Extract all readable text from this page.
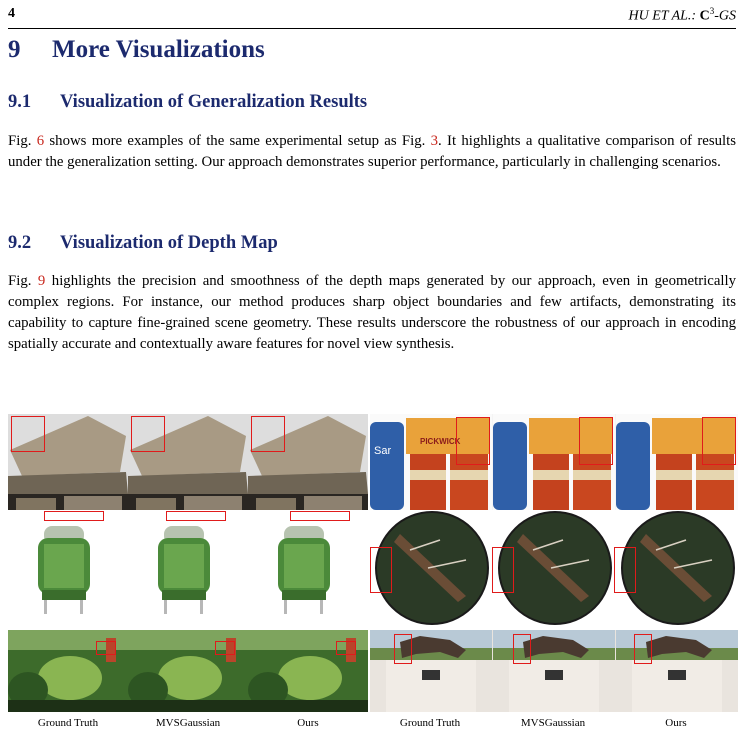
4	HU ET AL.: $C^3-GS$
9 More Visualizations
9.1 Visualization of Generalization Results
Fig. 6 shows more examples of the same experimental setup as Fig. 3. It highlights a qualitative comparison of results under the generalization setting. Our approach demonstrates superior performance, particularly in challenging scenarios.
9.2 Visualization of Depth Map
Fig. 9 highlights the precision and smoothness of the depth maps generated by our approach, even in geometrically complex regions. For instance, our method produces sharp object boundaries and few artifacts, demonstrating its capability to capture fine-grained scene geometry. These results underscore the robustness of our approach in encoding spatially accurate and contextually aware features for novel view synthesis.
Sar
PICKWICK
Ground Truth	MVSGaussian	Ours	Ground Truth	MVSGaussian	Ours
